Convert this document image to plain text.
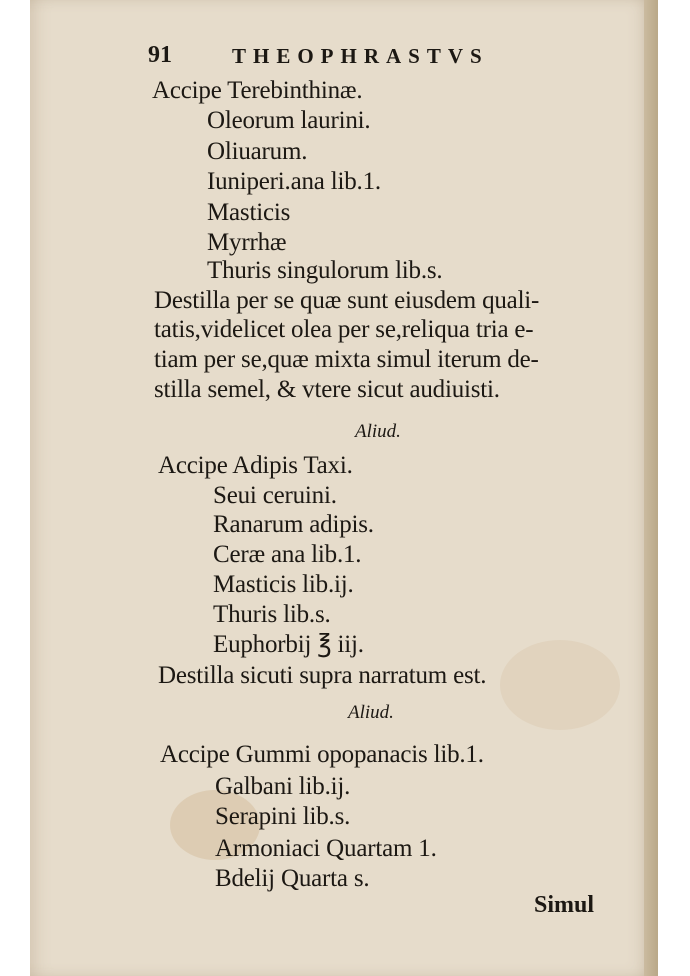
91	THEOPHRASTVS
Accipe Terebinthinæ.
Oleorum laurini.
Oliuarum.
Iuniperi.ana lib.1.
Masticis
Myrrhæ
Thuris singulorum lib.s.
Destilla per se quæ sunt eiusdem quali-
tatis,videlicet olea per se,reliqua tria e-
tiam per se,quæ mixta simul iterum de-
stilla semel, & vtere sicut audiuisti.
Aliud.
Accipe Adipis Taxi.
Seui ceruini.
Ranarum adipis.
Ceræ ana lib.1.
Masticis lib.ij.
Thuris lib.s.
Euphorbij ℥ iij.
Destilla sicuti supra narratum est.
Aliud.
Accipe Gummi opopanacis lib.1.
Galbani lib.ij.
Serapini lib.s.
Armoniaci Quartam 1.
Bdelij Quarta s.
Simul
